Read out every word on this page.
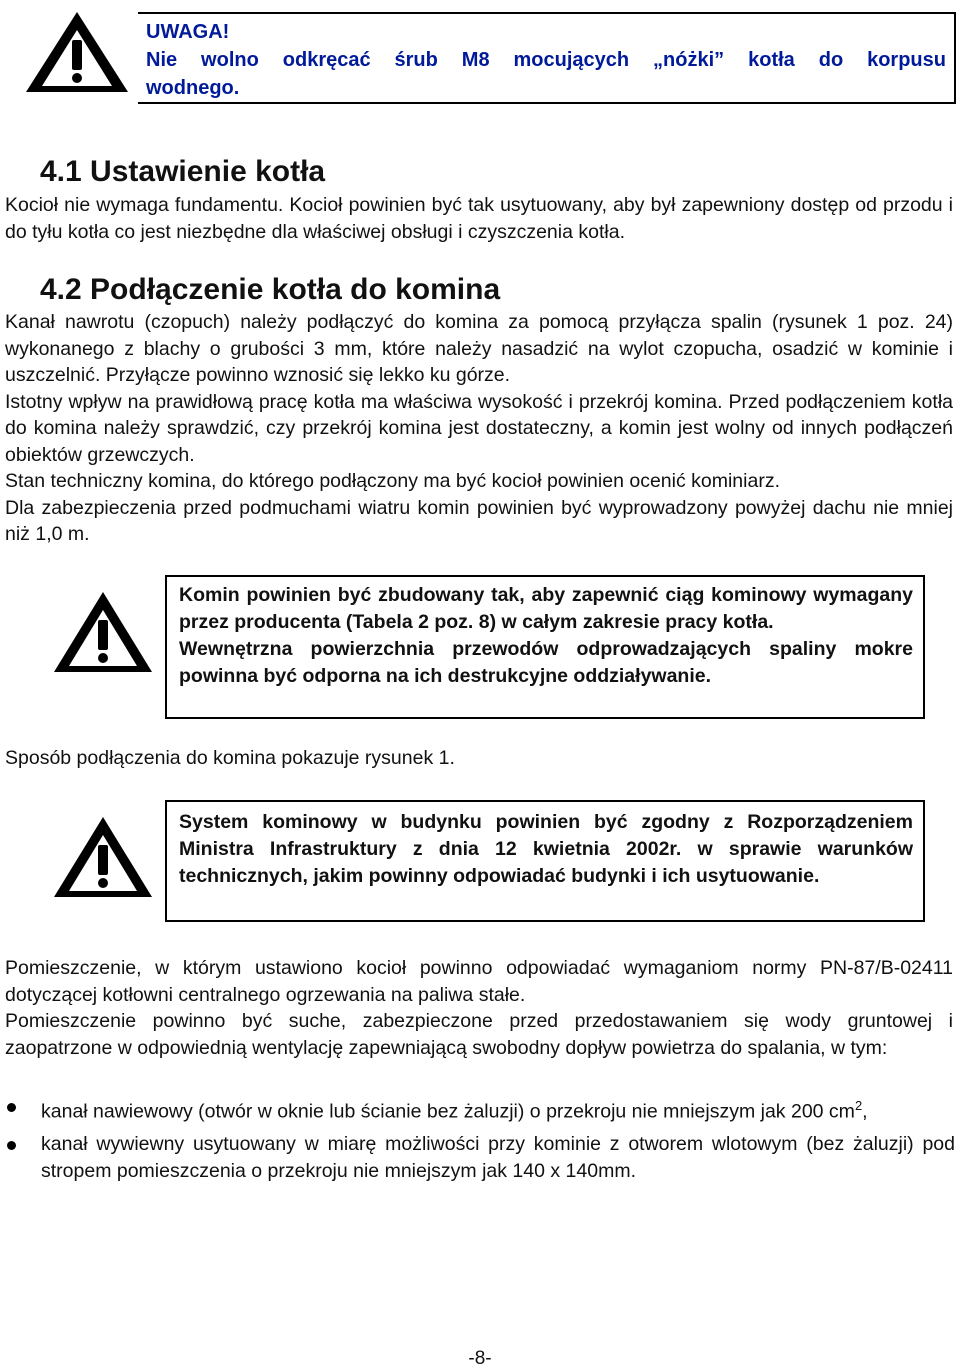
UWAGA!
Nie wolno odkręcać śrub M8 mocujących „nóżki” kotła do korpusu
wodnego.
4.1 Ustawienie kotła

Kocioł nie wymaga fundamentu. Kocioł powinien być tak usytuowany, aby był zapewniony dostęp od przodu i do tyłu kotła co jest niezbędne dla właściwej obsługi i czyszczenia kotła.

4.2 Podłączenie kotła do komina

Kanał nawrotu (czopuch) należy podłączyć do komina za pomocą przyłącza spalin (rysunek 1 poz. 24) wykonanego z blachy o grubości 3 mm, które należy nasadzić na wylot czopucha, osadzić w kominie i uszczelnić. Przyłącze powinno wznosić się lekko ku górze.

Istotny wpływ na prawidłową pracę kotła ma właściwa wysokość i przekrój komina. Przed podłączeniem kotła do komina należy sprawdzić, czy przekrój komina jest dostateczny, a komin jest wolny od innych podłączeń obiektów grzewczych.

Stan techniczny komina, do którego podłączony ma być kocioł powinien ocenić kominiarz.

Dla zabezpieczenia przed podmuchami wiatru komin powinien być wyprowadzony powyżej dachu nie mniej niż 1,0 m.

Komin powinien być zbudowany tak, aby zapewnić ciąg kominowy wymagany przez producenta (Tabela 2 poz. 8) w całym zakresie pracy kotła.

Wewnętrzna powierzchnia przewodów odprowadzających spaliny mokre powinna być odporna na ich destrukcyjne oddziaływanie.

Sposób podłączenia do komina pokazuje rysunek 1.

System kominowy w budynku powinien być zgodny z Rozporządzeniem Ministra Infrastruktury z dnia 12 kwietnia 2002r. w sprawie warunków technicznych, jakim powinny odpowiadać budynki i ich usytuowanie.

Pomieszczenie, w którym ustawiono kocioł powinno odpowiadać wymaganiom normy PN-87/B-02411 dotyczącej kotłowni centralnego ogrzewania na paliwa stałe.

Pomieszczenie powinno być suche, zabezpieczone przed przedostawaniem się wody gruntowej i zaopatrzone w odpowiednią wentylację zapewniającą swobodny dopływ powietrza do spalania, w tym:

kanał nawiewowy (otwór w oknie lub ścianie bez żaluzji) o przekroju nie mniejszym jak 200 $cm^2$,
kanał wywiewny usytuowany w miarę możliwości przy kominie z otworem wlotowym (bez żaluzji) pod stropem pomieszczenia o przekroju nie mniejszym jak 140 x 140mm.
-8-
